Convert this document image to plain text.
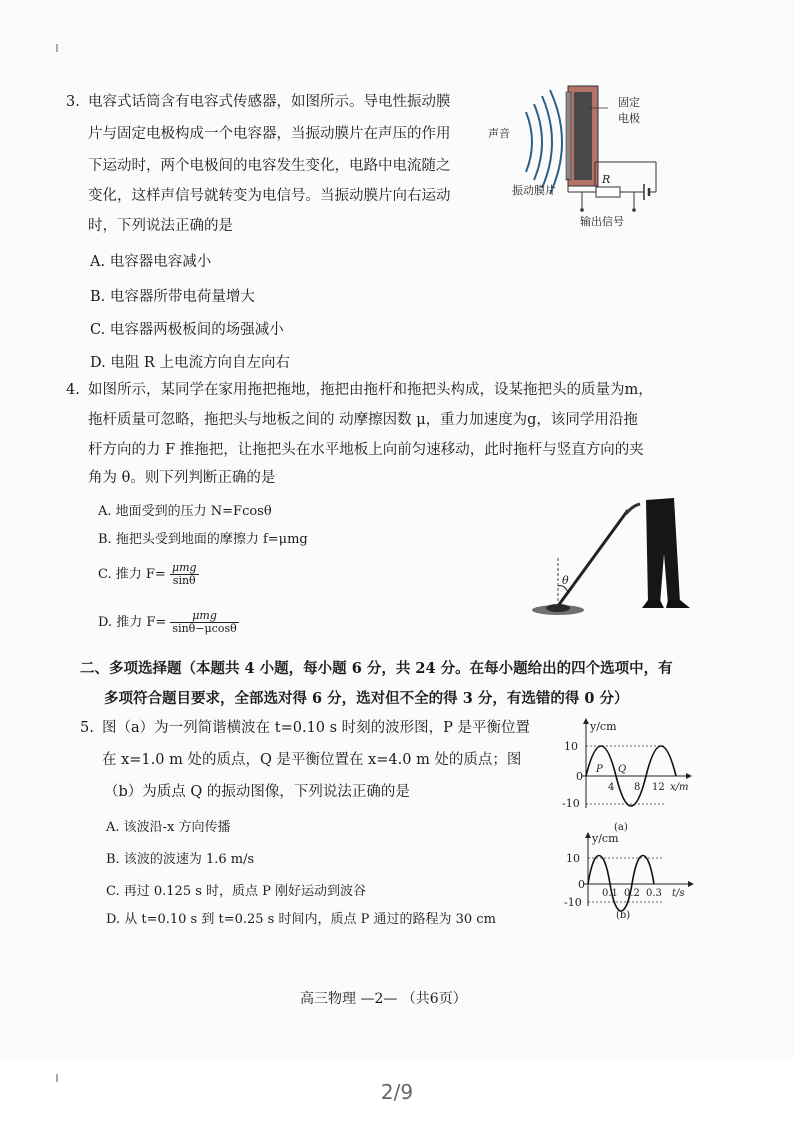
3. 电容式话筒含有电容式传感器，如图所示。导电性振动膜
片与固定电极构成一个电容器，当振动膜片在声压的作用
下运动时，两个电极间的电容发生变化，电路中电流随之
变化，这样声信号就转变为电信号。当振动膜片向右运动
时，下列说法正确的是
A. 电容器电容减小
B. 电容器所带电荷量增大
C. 电容器两极板间的场强减小
D. 电阻 R 上电流方向自左向右
声音
固定
电极
振动膜片
R
输出信号
4. 如图所示，某同学在家用拖把拖地，拖把由拖杆和拖把头构成，设某拖把头的质量为m，
拖杆质量可忽略，拖把头与地板之间的 动摩擦因数 μ，重力加速度为g，该同学用沿拖
杆方向的力 F 推拖把，让拖把头在水平地板上向前匀速移动，此时拖杆与竖直方向的夹
角为 θ。则下列判断正确的是
A. 地面受到的压力 N=Fcosθ
B. 拖把头受到地面的摩擦力 f=μmg
C. 推力 $F= \frac{\text{μmg}}{\sin\theta}$
D. 推力 $F= \frac{\text{μmg}}{\sin\theta-\mu\cos\theta}$
θ
二、多项选择题（本题共 4 小题，每小题 6 分，共 24 分。在每小题给出的四个选项中，有
多项符合题目要求，全部选对得 6 分，选对但不全的得 3 分，有选错的得 0 分）
5. 图（a）为一列简谐横波在 t=0.10 s 时刻的波形图，P 是平衡位置
在 x=1.0 m 处的质点，Q 是平衡位置在 x=4.0 m 处的质点；图
（b）为质点 Q 的振动图像，下列说法正确的是
A. 该波沿-x 方向传播
B. 该波的波速为 1.6 m/s
C. 再过 0.125 s 时，质点 P 刚好运动到波谷
D. 从 t=0.10 s 到 t=0.25 s 时间内，质点 P 通过的路程为 30 cm
y/cm
10
0
-10
P Q
4 8 12 x/m
(a)
y/cm
10
0
-10
0.1 0.2 0.3 t/s
(b)
高三物理 —2— （共6页）
2/9
